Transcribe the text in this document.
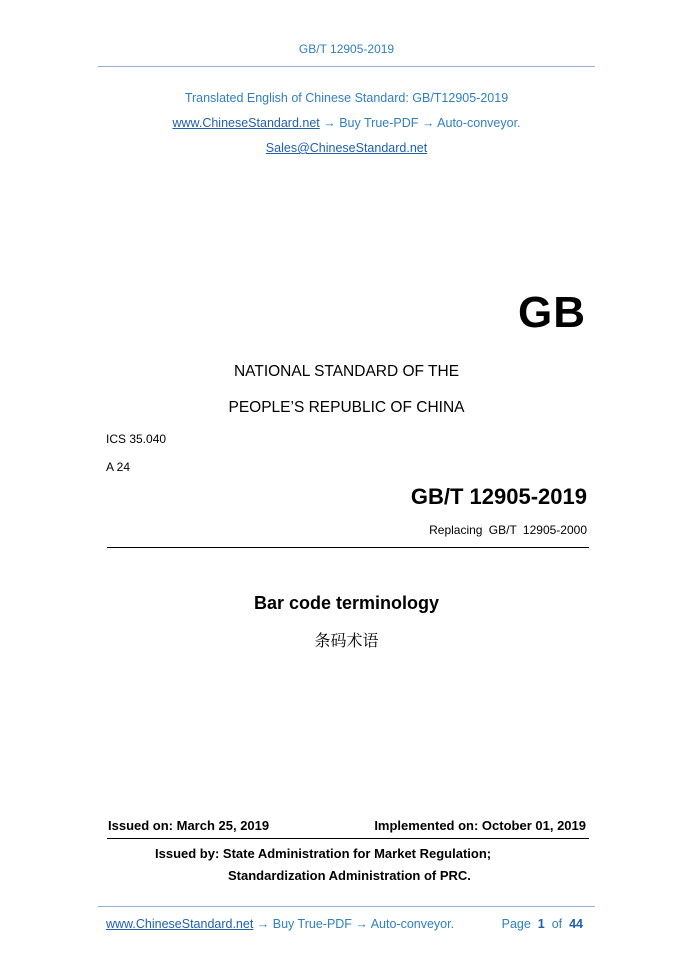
GB/T 12905-2019
Translated English of Chinese Standard: GB/T12905-2019
www.ChineseStandard.net → Buy True-PDF → Auto-conveyor.
Sales@ChineseStandard.net
GB
NATIONAL STANDARD OF THE
PEOPLE’S REPUBLIC OF CHINA
ICS 35.040
A 24
GB/T 12905-2019
Replacing GB/T 12905-2000
Bar code terminology
条码术语
Issued on: March 25, 2019	Implemented on: October 01, 2019
Issued by: State Administration for Market Regulation;
Standardization Administration of PRC.
www.ChineseStandard.net → Buy True-PDF → Auto-conveyor.	Page 1 of 44
